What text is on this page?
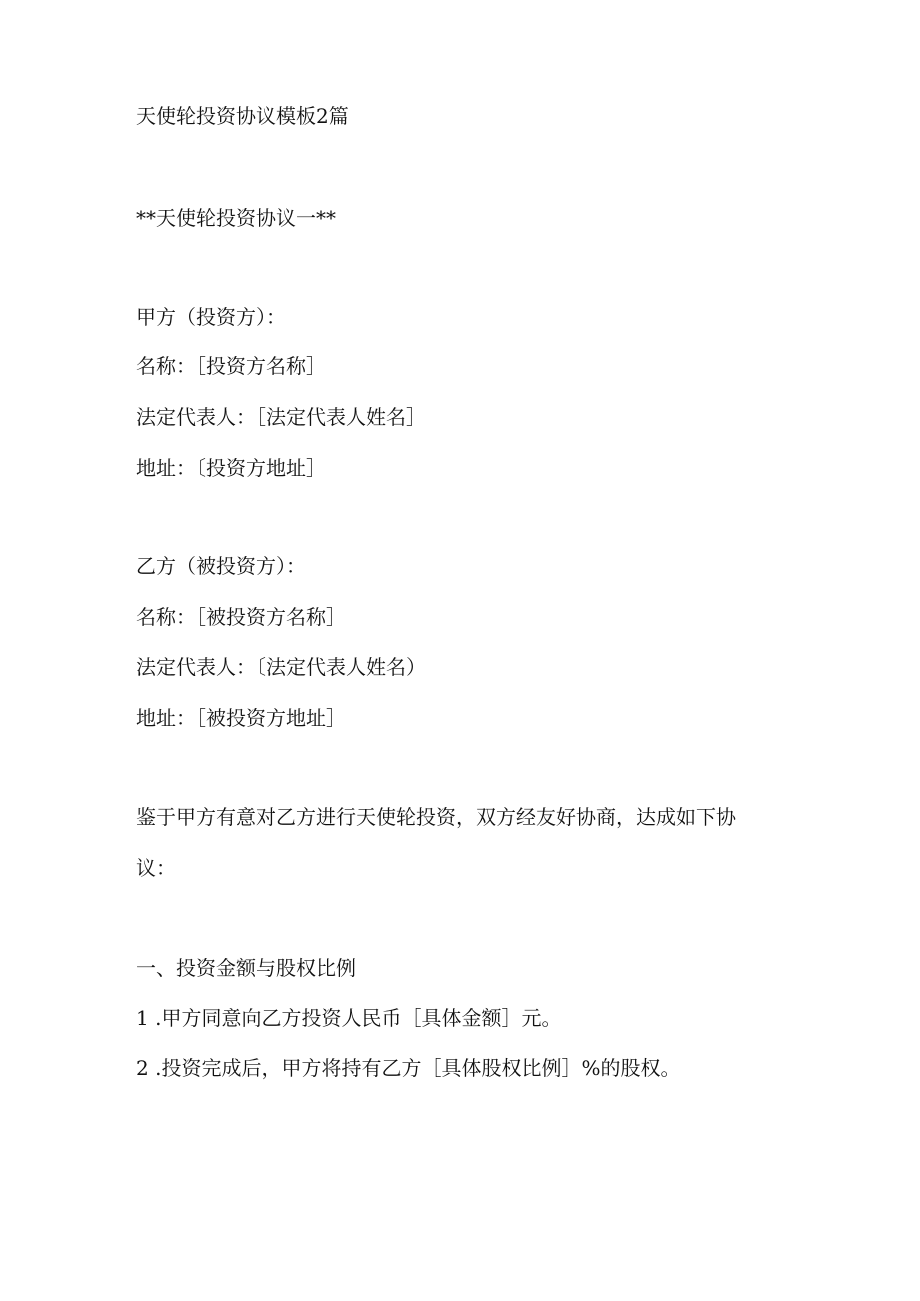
天使轮投资协议模板2篇
**天使轮投资协议一**

甲方（投资方）：

名称：［投资方名称］

法定代表人：［法定代表人姓名］

地址：〔投资方地址］

乙方（被投资方）：

名称：［被投资方名称］

法定代表人：〔法定代表人姓名）

地址：［被投资方地址］

鉴于甲方有意对乙方进行天使轮投资，双方经友好协商，达成如下协

议：

一、投资金额与股权比例

1 .甲方同意向乙方投资人民币［具体金额］元。

2 .投资完成后，甲方将持有乙方［具体股权比例］%的股权。
